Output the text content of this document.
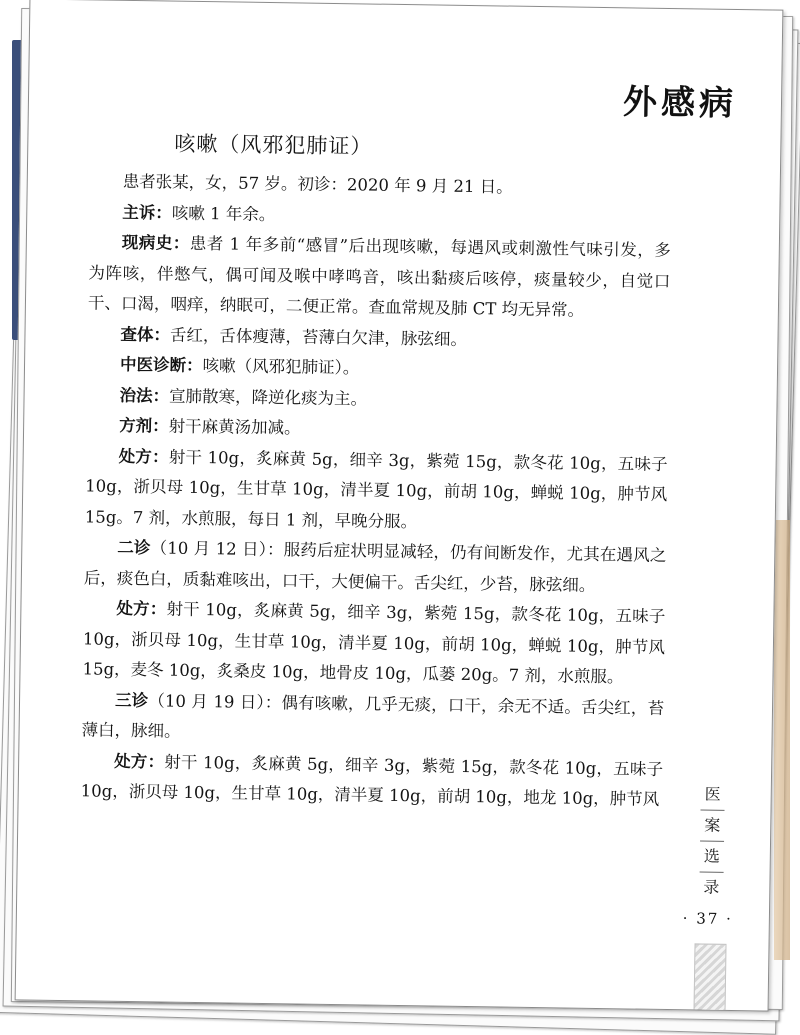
外感病
咳嗽（风邪犯肺证）

患者张某，女，57 岁。初诊：2020 年 9 月 21 日。

主诉：咳嗽 1 年余。

现病史：患者 1 年多前“感冒”后出现咳嗽，每遇风或刺激性气味引发，多为阵咳，伴憋气，偶可闻及喉中哮鸣音，咳出黏痰后咳停，痰量较少，自觉口干、口渴，咽痒，纳眠可，二便正常。查血常规及肺 CT 均无异常。

查体：舌红，舌体瘦薄，苔薄白欠津，脉弦细。

中医诊断：咳嗽（风邪犯肺证）。

治法：宣肺散寒，降逆化痰为主。

方剂：射干麻黄汤加减。

处方：射干 10g，炙麻黄 5g，细辛 3g，紫菀 15g，款冬花 10g，五味子 10g，浙贝母 10g，生甘草 10g，清半夏 10g，前胡 10g，蝉蜕 10g，肿节风 15g。7 剂，水煎服，每日 1 剂，早晚分服。

二诊（10 月 12 日）：服药后症状明显减轻，仍有间断发作，尤其在遇风之后，痰色白，质黏难咳出，口干，大便偏干。舌尖红，少苔，脉弦细。

处方：射干 10g，炙麻黄 5g，细辛 3g，紫菀 15g，款冬花 10g，五味子 10g，浙贝母 10g，生甘草 10g，清半夏 10g，前胡 10g，蝉蜕 10g，肿节风 15g，麦冬 10g，炙桑皮 10g，地骨皮 10g，瓜蒌 20g。7 剂，水煎服。

三诊（10 月 19 日）：偶有咳嗽，几乎无痰，口干，余无不适。舌尖红，苔薄白，脉细。

处方：射干 10g，炙麻黄 5g，细辛 3g，紫菀 15g，款冬花 10g，五味子 10g，浙贝母 10g，生甘草 10g，清半夏 10g，前胡 10g，地龙 10g，肿节风	医
案
选
录
· 37 ·
